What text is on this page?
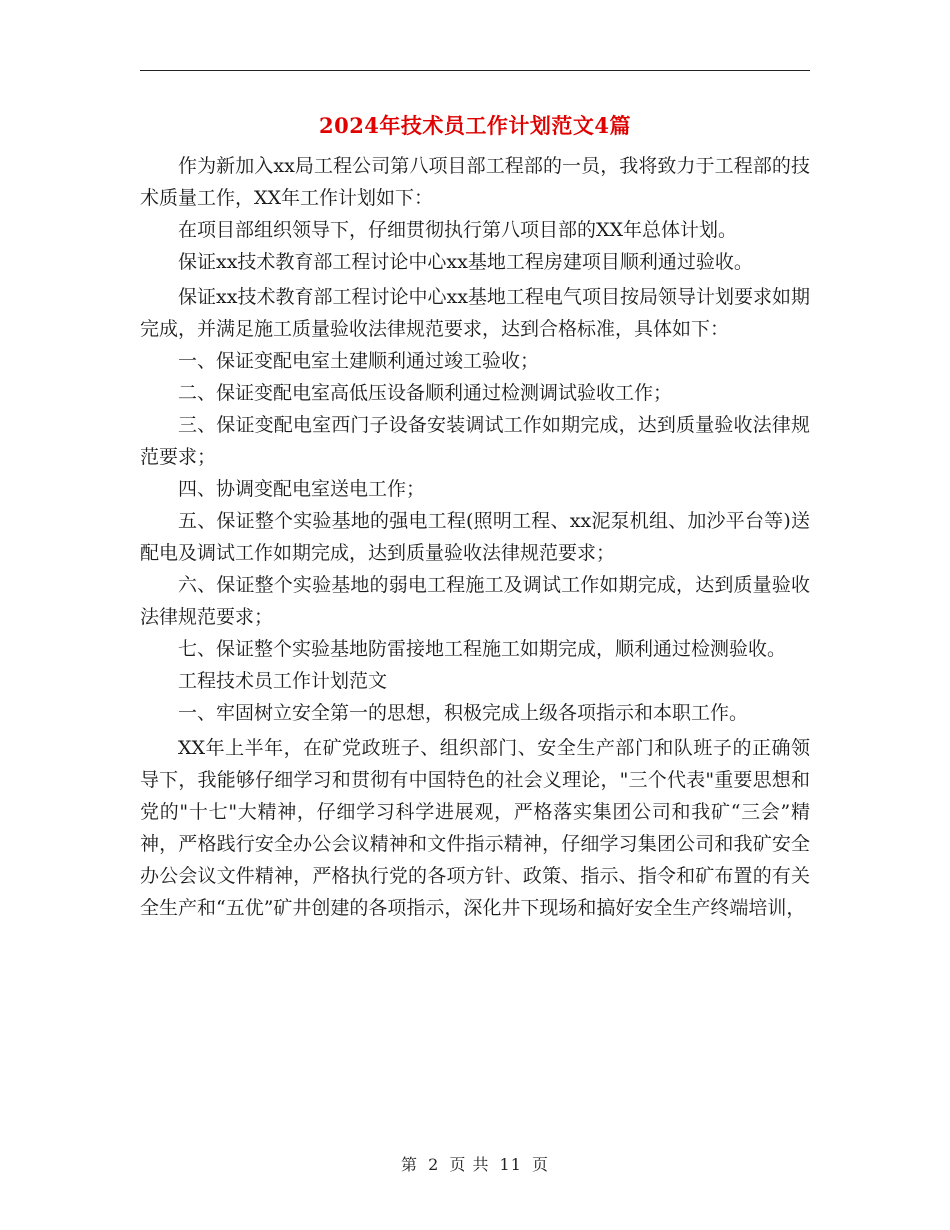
2024年技术员工作计划范文4篇

作为新加入xx局工程公司第八项目部工程部的一员，我将致力于工程部的技术质量工作，XX年工作计划如下：

在项目部组织领导下，仔细贯彻执行第八项目部的XX年总体计划。

保证xx技术教育部工程讨论中心xx基地工程房建项目顺利通过验收。

保证xx技术教育部工程讨论中心xx基地工程电气项目按局领导计划要求如期完成，并满足施工质量验收法律规范要求，达到合格标准，具体如下：

一、保证变配电室土建顺利通过竣工验收；

二、保证变配电室高低压设备顺利通过检测调试验收工作；

三、保证变配电室西门子设备安装调试工作如期完成，达到质量验收法律规范要求；

四、协调变配电室送电工作；

五、保证整个实验基地的强电工程(照明工程、xx泥泵机组、加沙平台等)送配电及调试工作如期完成，达到质量验收法律规范要求；

六、保证整个实验基地的弱电工程施工及调试工作如期完成，达到质量验收法律规范要求；

七、保证整个实验基地防雷接地工程施工如期完成，顺利通过检测验收。

工程技术员工作计划范文

一、牢固树立安全第一的思想，积极完成上级各项指示和本职工作。

XX年上半年，在矿党政班子、组织部门、安全生产部门和队班子的正确领导下，我能够仔细学习和贯彻有中国特色的社会义理论，"三个代表"重要思想和党的"十七"大精神，仔细学习科学进展观，严格落实集团公司和我矿“三会”精神，严格践行安全办公会议精神和文件指示精神，仔细学习集团公司和我矿安全办公会议文件精神，严格执行党的各项方针、政策、指示、指令和矿布置的有关全生产和“五优”矿井创建的各项指示，深化井下现场和搞好安全生产终端培训，

第 2 页 共 11 页
